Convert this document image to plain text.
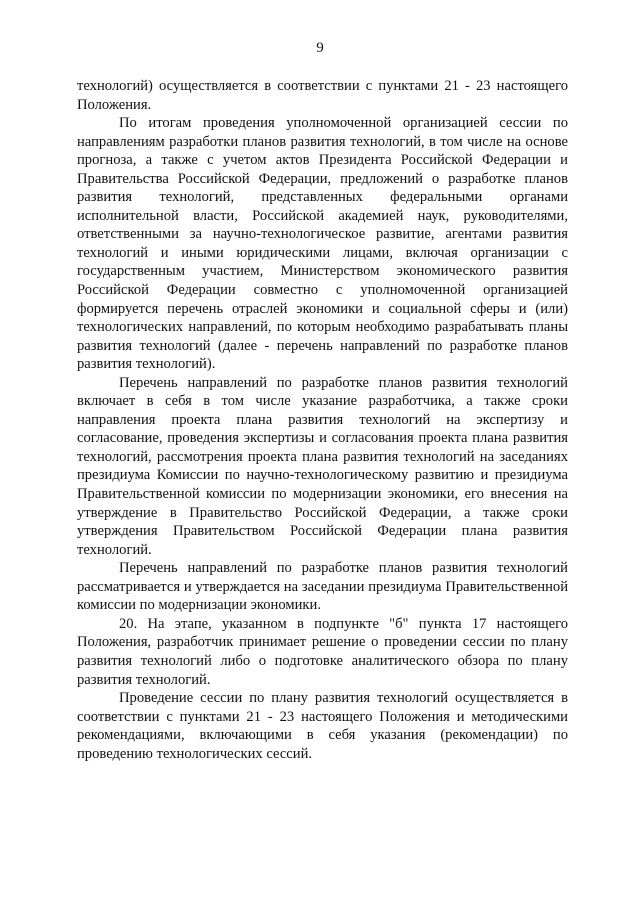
9

технологий) осуществляется в соответствии с пунктами 21 - 23 настоящего Положения.

По итогам проведения уполномоченной организацией сессии по направлениям разработки планов развития технологий, в том числе на основе прогноза, а также с учетом актов Президента Российской Федерации и Правительства Российской Федерации, предложений о разработке планов развития технологий, представленных федеральными органами исполнительной власти, Российской академией наук, руководителями, ответственными за научно-технологическое развитие, агентами развития технологий и иными юридическими лицами, включая организации с государственным участием, Министерством экономического развития Российской Федерации совместно с уполномоченной организацией формируется перечень отраслей экономики и социальной сферы и (или) технологических направлений, по которым необходимо разрабатывать планы развития технологий (далее - перечень направлений по разработке планов развития технологий).

Перечень направлений по разработке планов развития технологий включает в себя в том числе указание разработчика, а также сроки направления проекта плана развития технологий на экспертизу и согласование, проведения экспертизы и согласования проекта плана развития технологий, рассмотрения проекта плана развития технологий на заседаниях президиума Комиссии по научно-технологическому развитию и президиума Правительственной комиссии по модернизации экономики, его внесения на утверждение в Правительство Российской Федерации, а также сроки утверждения Правительством Российской Федерации плана развития технологий.

Перечень направлений по разработке планов развития технологий рассматривается и утверждается на заседании президиума Правительственной комиссии по модернизации экономики.

20. На этапе, указанном в подпункте "б" пункта 17 настоящего Положения, разработчик принимает решение о проведении сессии по плану развития технологий либо о подготовке аналитического обзора по плану развития технологий.

Проведение сессии по плану развития технологий осуществляется в соответствии с пунктами 21 - 23 настоящего Положения и методическими рекомендациями, включающими в себя указания (рекомендации) по проведению технологических сессий.
